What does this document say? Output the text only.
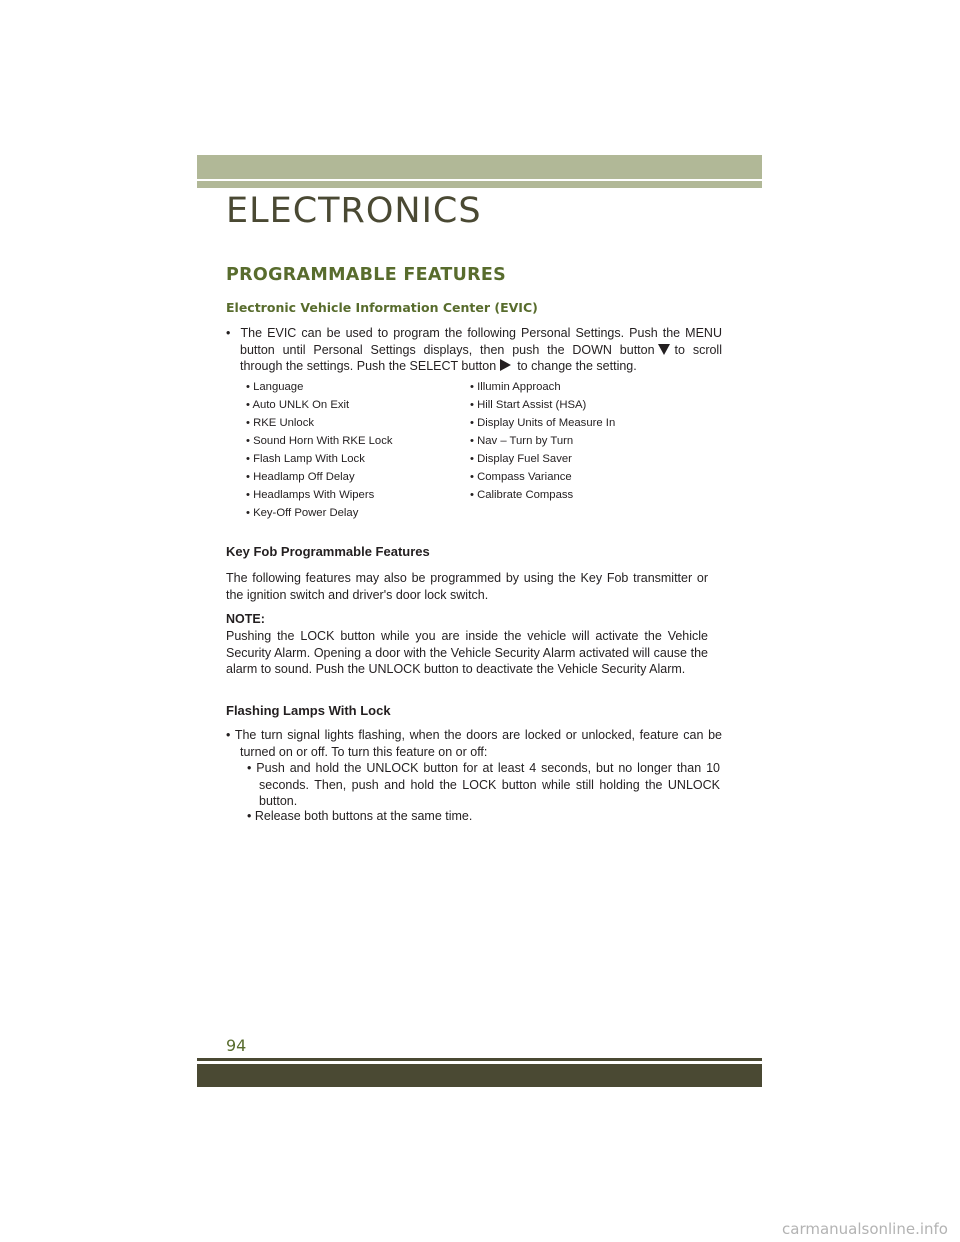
ELECTRONICS
PROGRAMMABLE FEATURES
Electronic Vehicle Information Center (EVIC)

•  The EVIC can be used to program the following Personal Settings. Push the MENU button until Personal Settings displays, then push the DOWN button to scroll through the settings. Push the SELECT button to change the setting.

• Language
• Auto UNLK On Exit
• RKE Unlock
• Sound Horn With RKE Lock
• Flash Lamp With Lock
• Headlamp Off Delay
• Headlamps With Wipers
• Key-Off Power Delay
• Illumin Approach
• Hill Start Assist (HSA)
• Display Units of Measure In
• Nav – Turn by Turn
• Display Fuel Saver
• Compass Variance
• Calibrate Compass
Key Fob Programmable Features

The following features may also be programmed by using the Key Fob transmitter or the ignition switch and driver's door lock switch.

NOTE:

Pushing the LOCK button while you are inside the vehicle will activate the Vehicle Security Alarm. Opening a door with the Vehicle Security Alarm activated will cause the alarm to sound. Push the UNLOCK button to deactivate the Vehicle Security Alarm.

Flashing Lamps With Lock

• The turn signal lights flashing, when the doors are locked or unlocked, feature can be turned on or off. To turn this feature on or off:

• Push and hold the UNLOCK button for at least 4 seconds, but no longer than 10 seconds. Then, push and hold the LOCK button while still holding the UNLOCK button.

• Release both buttons at the same time.

94

carmanualsonline.info
